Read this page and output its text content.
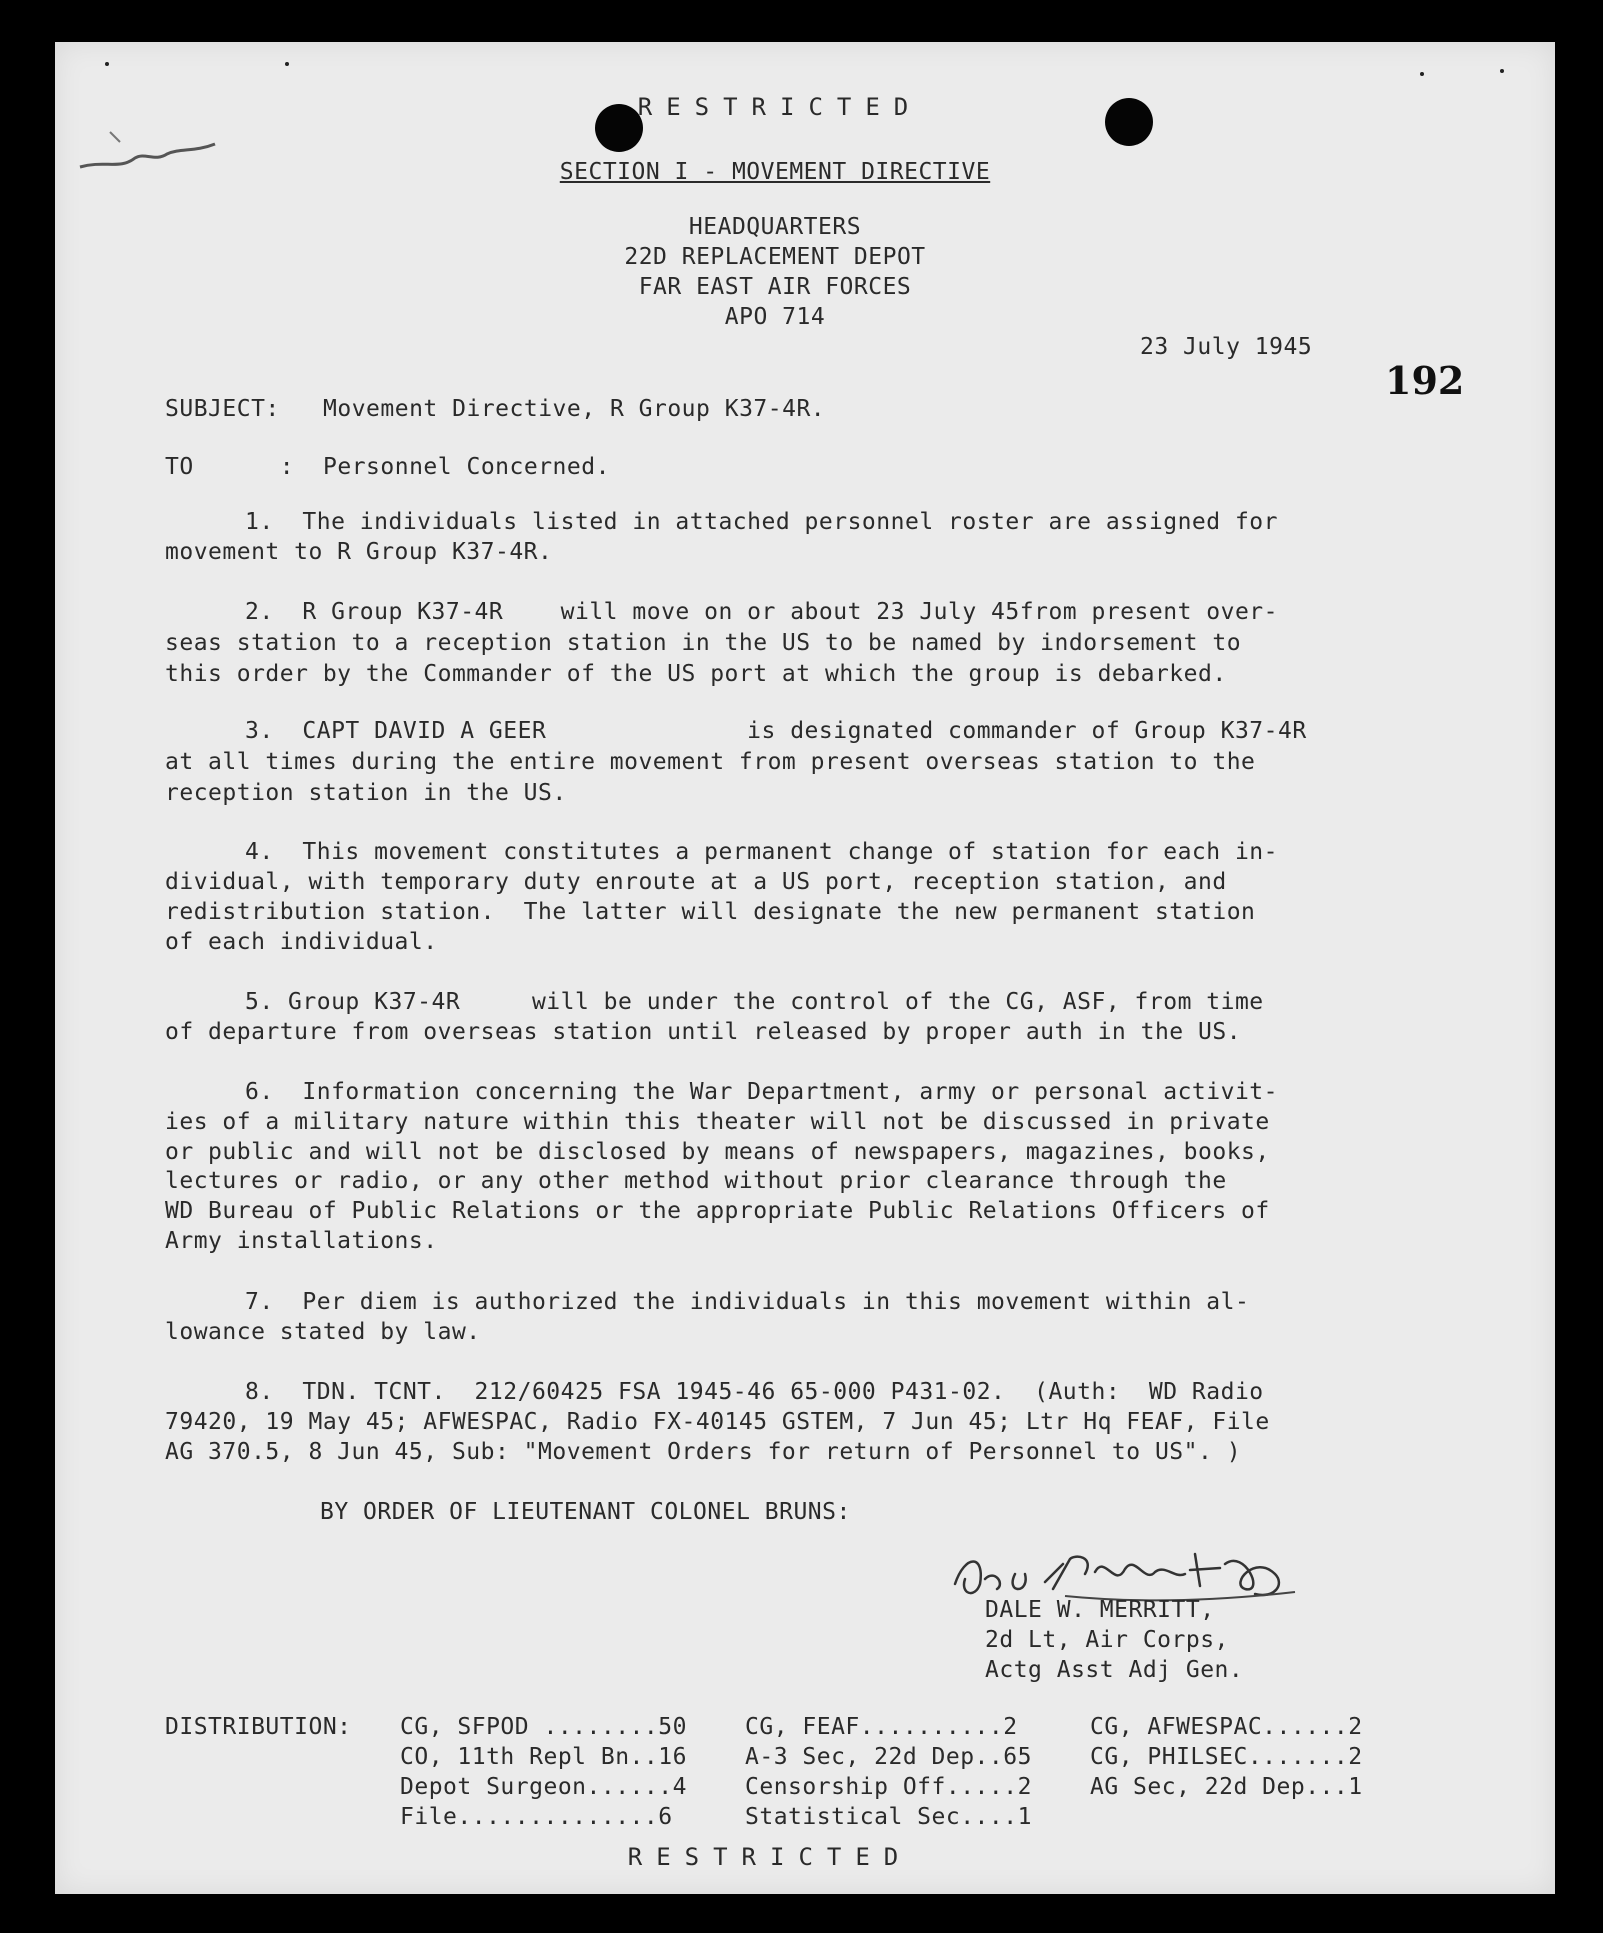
RESTRICTED
SECTION I - MOVEMENT DIRECTIVE
HEADQUARTERS
22D REPLACEMENT DEPOT
FAR EAST AIR FORCES
APO 714
23 July 1945
192
SUBJECT: Movement Directive, R Group K37-4R.
TO      : Personnel Concerned.
1.  The individuals listed in attached personnel roster are assigned for
movement to R Group K37-4R.
2.  R Group K37-4R    will move on or about 23 July 45from present over-
seas station to a reception station in the US to be named by indorsement to
this order by the Commander of the US port at which the group is debarked.
3.  CAPT DAVID A GEER              is designated commander of Group K37-4R
at all times during the entire movement from present overseas station to the
reception station in the US.
4.  This movement constitutes a permanent change of station for each in-
dividual, with temporary duty enroute at a US port, reception station, and
redistribution station.  The latter will designate the new permanent station
of each individual.
5. Group K37-4R     will be under the control of the CG, ASF, from time
of departure from overseas station until released by proper auth in the US.
6.  Information concerning the War Department, army or personal activit-
ies of a military nature within this theater will not be discussed in private
or public and will not be disclosed by means of newspapers, magazines, books,
lectures or radio, or any other method without prior clearance through the
WD Bureau of Public Relations or the appropriate Public Relations Officers of
Army installations.
7.  Per diem is authorized the individuals in this movement within al-
lowance stated by law.
8.  TDN. TCNT.  212/60425 FSA 1945-46 65-000 P431-02.  (Auth:  WD Radio
79420, 19 May 45; AFWESPAC, Radio FX-40145 GSTEM, 7 Jun 45; Ltr Hq FEAF, File
AG 370.5, 8 Jun 45, Sub: "Movement Orders for return of Personnel to US". )
BY ORDER OF LIEUTENANT COLONEL BRUNS:
DALE W. MERRITT,
2d Lt, Air Corps,
Actg Asst Adj Gen.
DISTRIBUTION: CG, SFPOD ........50	CG, FEAF..........2	CG, AFWESPAC......2
CO, 11th Repl Bn..16	A-3 Sec, 22d Dep..65	CG, PHILSEC.......2
Depot Surgeon......4	Censorship Off.....2	AG Sec, 22d Dep...1
File..............6	Statistical Sec....1
RESTRICTED
